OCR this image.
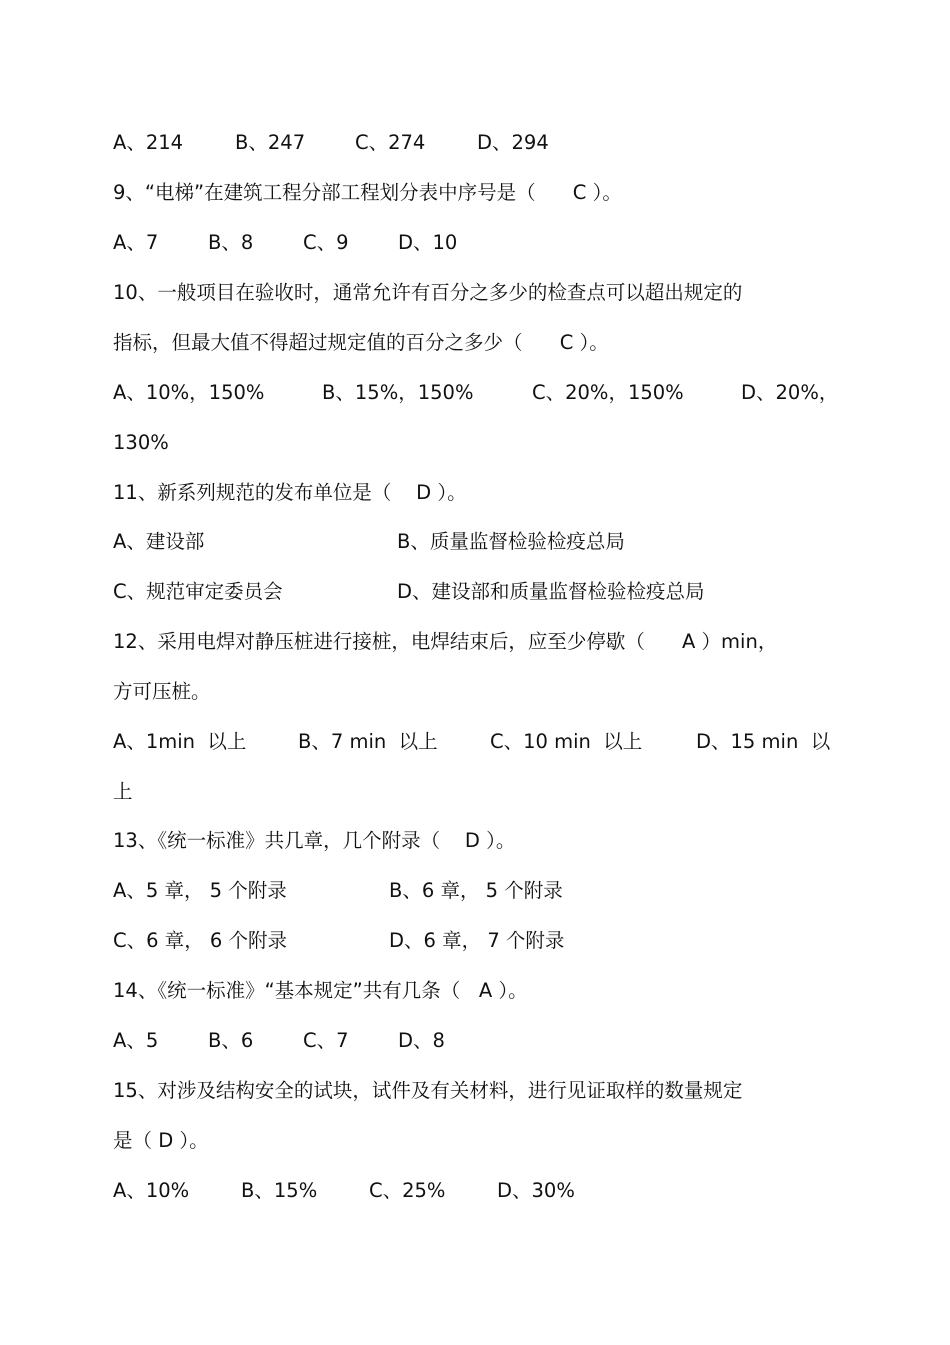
A、214	B、247	C、274	D、294
9、“电梯”在建筑工程分部工程划分表中序号是（      C ）。
A、7	B、8	C、9	D、10
10、一般项目在验收时，通常允许有百分之多少的检查点可以超出规定的
指标，但最大值不得超过规定值的百分之多少（      C ）。
A、10%，150%	B、15%，150%	C、20%，150%	D、20%，
130%
11、新系列规范的发布单位是（    D ）。
A、建设部	B、质量监督检验检疫总局
C、规范审定委员会	D、建设部和质量监督检验检疫总局
12、采用电焊对静压桩进行接桩，电焊结束后，应至少停歇（      A ）min，
方可压桩。
A、1min  以上	B、7 min  以上	C、10 min  以上	D、15 min  以
上
13、《统一标准》共几章，几个附录（    D ）。
A、5 章， 5 个附录	B、6 章， 5 个附录
C、6 章， 6 个附录	D、6 章， 7 个附录
14、《统一标准》“基本规定”共有几条（   A ）。
A、5	B、6	C、7	D、8
15、对涉及结构安全的试块，试件及有关材料，进行见证取样的数量规定
是（ D ）。
A、10%	B、15%	C、25%	D、30%
